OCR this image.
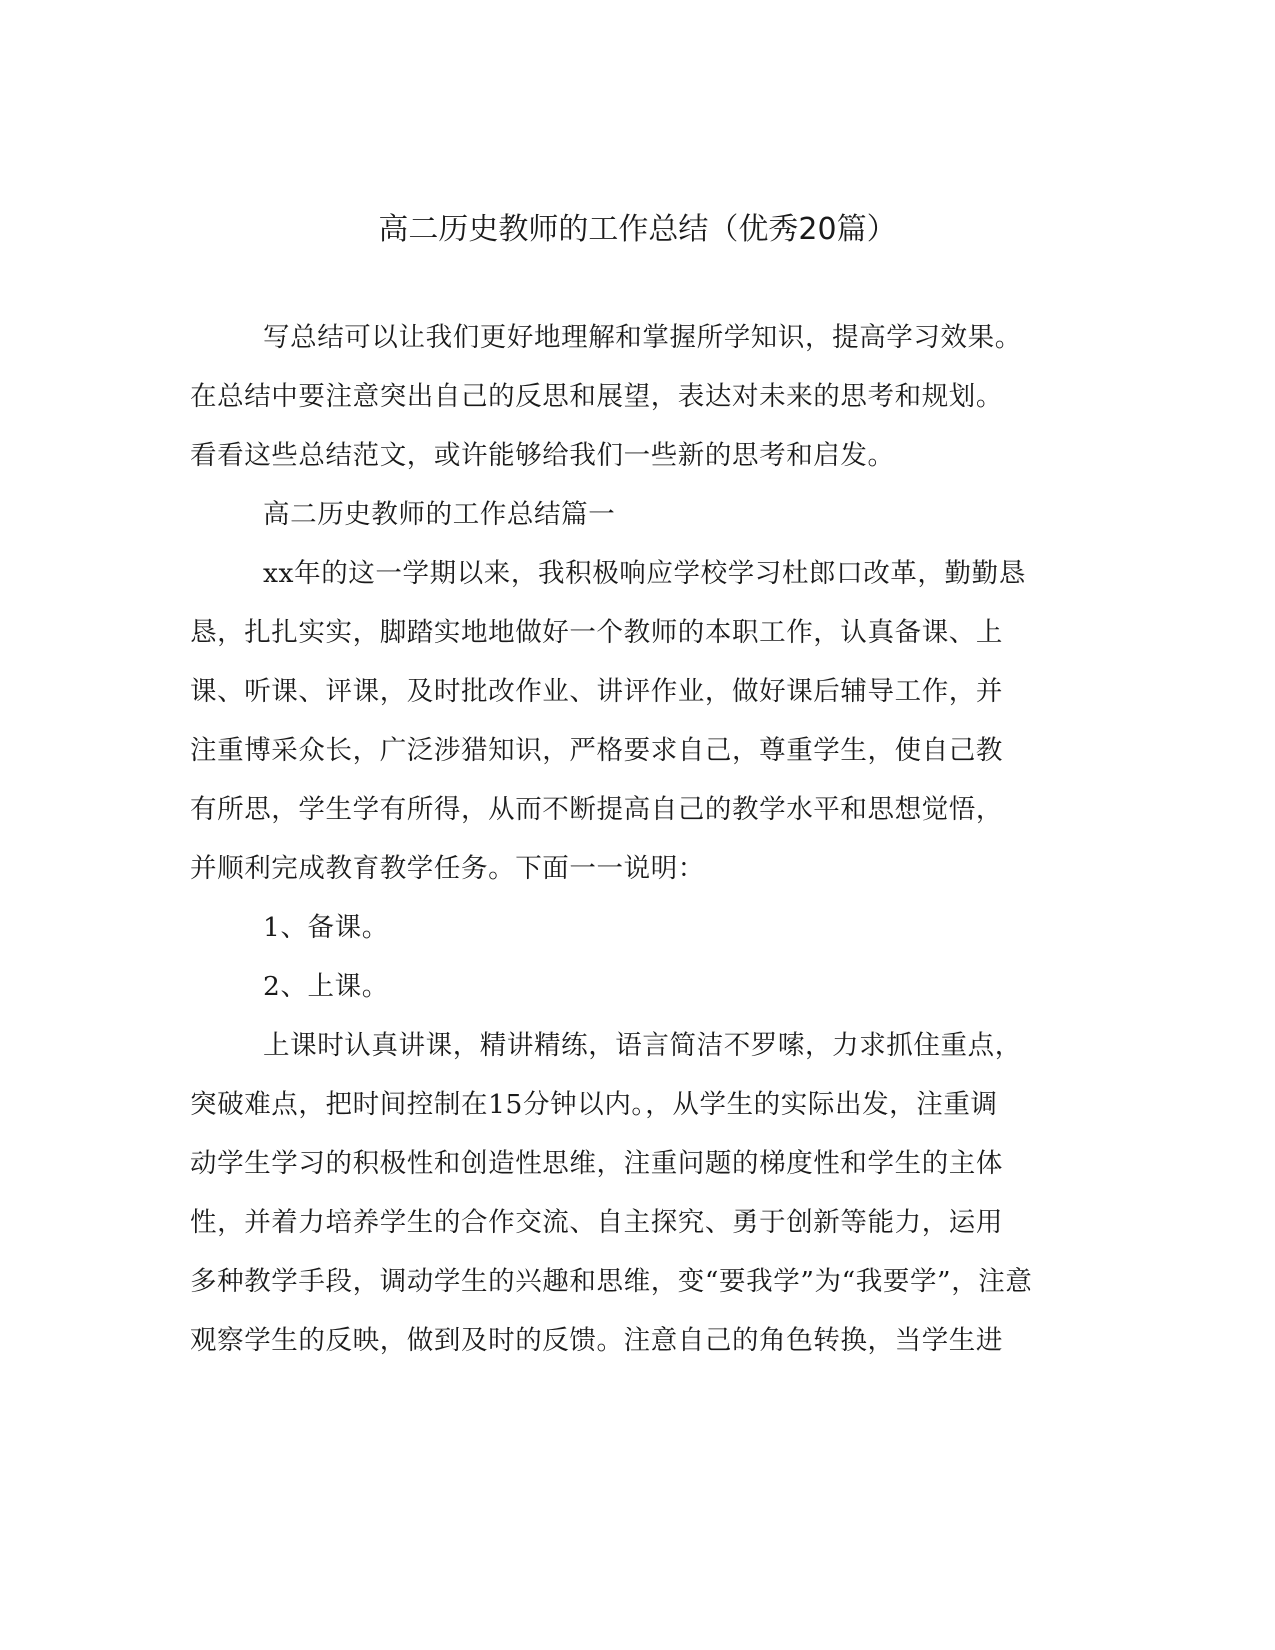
高二历史教师的工作总结（优秀20篇）
写总结可以让我们更好地理解和掌握所学知识，提高学习效果。
在总结中要注意突出自己的反思和展望，表达对未来的思考和规划。
看看这些总结范文，或许能够给我们一些新的思考和启发。
高二历史教师的工作总结篇一
xx年的这一学期以来，我积极响应学校学习杜郎口改革，勤勤恳
恳，扎扎实实，脚踏实地地做好一个教师的本职工作，认真备课、上
课、听课、评课，及时批改作业、讲评作业，做好课后辅导工作，并
注重博采众长，广泛涉猎知识，严格要求自己，尊重学生，使自己教
有所思，学生学有所得，从而不断提高自己的教学水平和思想觉悟，
并顺利完成教育教学任务。下面一一说明：
1、备课。
2、上课。
上课时认真讲课，精讲精练，语言简洁不罗嗦，力求抓住重点，
突破难点，把时间控制在15分钟以内。，从学生的实际出发，注重调
动学生学习的积极性和创造性思维，注重问题的梯度性和学生的主体
性，并着力培养学生的合作交流、自主探究、勇于创新等能力，运用
多种教学手段，调动学生的兴趣和思维，变“要我学”为“我要学”，注意
观察学生的反映，做到及时的反馈。注意自己的角色转换，当学生进
